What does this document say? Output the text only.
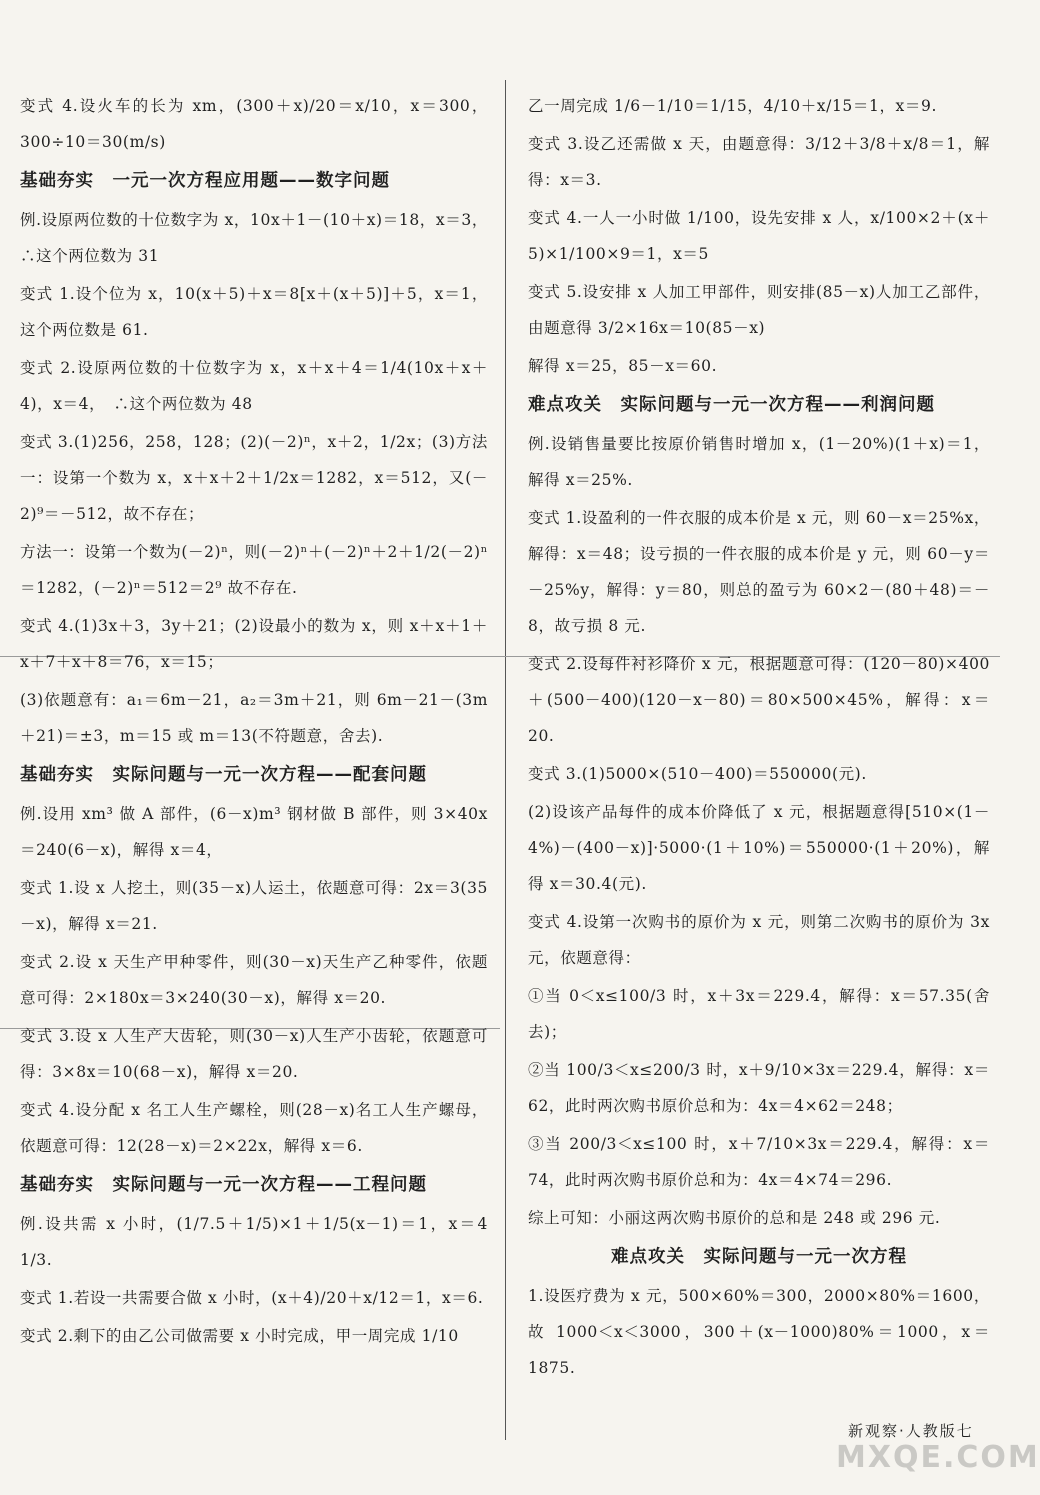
变式 4.设火车的长为 xm，(300＋x)/20＝x/10，x＝300，300÷10＝30(m/s)
基础夯实　一元一次方程应用题——数字问题
例.设原两位数的十位数字为 x，10x＋1－(10＋x)＝18，x＝3，∴这个两位数为 31
变式 1.设个位为 x，10(x＋5)＋x＝8[x＋(x＋5)]＋5，x＝1，这个两位数是 61.
变式 2.设原两位数的十位数字为 x，x＋x＋4＝1/4(10x＋x＋4)，x＝4，　∴这个两位数为 48
变式 3.(1)256，258，128；(2)(－2)ⁿ，x＋2，1/2x；(3)方法一：设第一个数为 x，x＋x＋2＋1/2x＝1282，x＝512，又(－2)⁹＝－512，故不存在；
方法一：设第一个数为(－2)ⁿ，则(－2)ⁿ＋(－2)ⁿ＋2＋1/2(－2)ⁿ＝1282，(－2)ⁿ＝512＝2⁹ 故不存在.
变式 4.(1)3x＋3，3y＋21；(2)设最小的数为 x，则 x＋x＋1＋x＋7＋x＋8＝76，x＝15；
(3)依题意有：a₁＝6m－21，a₂＝3m＋21，则 6m－21－(3m＋21)＝±3，m＝15 或 m＝13(不符题意，舍去).
基础夯实　实际问题与一元一次方程——配套问题
例.设用 xm³ 做 A 部件，(6－x)m³ 钢材做 B 部件，则 3×40x＝240(6－x)，解得 x＝4，
变式 1.设 x 人挖土，则(35－x)人运土，依题意可得：2x＝3(35－x)，解得 x＝21.
变式 2.设 x 天生产甲种零件，则(30－x)天生产乙种零件，依题意可得：2×180x＝3×240(30－x)，解得 x＝20.
变式 3.设 x 人生产大齿轮，则(30－x)人生产小齿轮，依题意可得：3×8x＝10(68－x)，解得 x＝20.
变式 4.设分配 x 名工人生产螺栓，则(28－x)名工人生产螺母，依题意可得：12(28－x)＝2×22x，解得 x＝6.
基础夯实　实际问题与一元一次方程——工程问题
例.设共需 x 小时，(1/7.5＋1/5)×1＋1/5(x－1)＝1，x＝4 1/3.
变式 1.若设一共需要合做 x 小时，(x＋4)/20＋x/12＝1，x＝6.
变式 2.剩下的由乙公司做需要 x 小时完成，甲一周完成 1/10
乙一周完成 1/6－1/10＝1/15，4/10＋x/15＝1，x＝9.
变式 3.设乙还需做 x 天，由题意得：3/12＋3/8＋x/8＝1，解得：x＝3.
变式 4.一人一小时做 1/100，设先安排 x 人，x/100×2＋(x＋5)×1/100×9＝1，x＝5
变式 5.设安排 x 人加工甲部件，则安排(85－x)人加工乙部件，由题意得 3/2×16x＝10(85－x)
解得 x＝25，85－x＝60.
难点攻关　实际问题与一元一次方程——利润问题
例.设销售量要比按原价销售时增加 x，(1－20%)(1＋x)＝1，解得 x＝25%.
变式 1.设盈利的一件衣服的成本价是 x 元，则 60－x＝25%x，解得：x＝48；设亏损的一件衣服的成本价是 y 元，则 60－y＝－25%y，解得：y＝80，则总的盈亏为 60×2－(80＋48)＝－8，故亏损 8 元.
变式 2.设每件衬衫降价 x 元，根据题意可得：(120－80)×400＋(500－400)(120－x－80)＝80×500×45%，解得：x＝20.
变式 3.(1)5000×(510－400)＝550000(元).
(2)设该产品每件的成本价降低了 x 元，根据题意得[510×(1－4%)－(400－x)]·5000·(1＋10%)＝550000·(1＋20%)，解得 x＝30.4(元).
变式 4.设第一次购书的原价为 x 元，则第二次购书的原价为 3x 元，依题意得：
①当 0＜x≤100/3 时，x＋3x＝229.4，解得：x＝57.35(舍去)；
②当 100/3＜x≤200/3 时，x＋9/10×3x＝229.4，解得：x＝62，此时两次购书原价总和为：4x＝4×62＝248；
③当 200/3＜x≤100 时，x＋7/10×3x＝229.4，解得：x＝74，此时两次购书原价总和为：4x＝4×74＝296.
综上可知：小丽这两次购书原价的总和是 248 或 296 元.
难点攻关　实际问题与一元一次方程
1.设医疗费为 x 元，500×60%＝300，2000×80%＝1600，故 1000＜x＜3000，300＋(x－1000)80%＝1000，x＝1875.
新观察·人教版七
MXQE.COM
